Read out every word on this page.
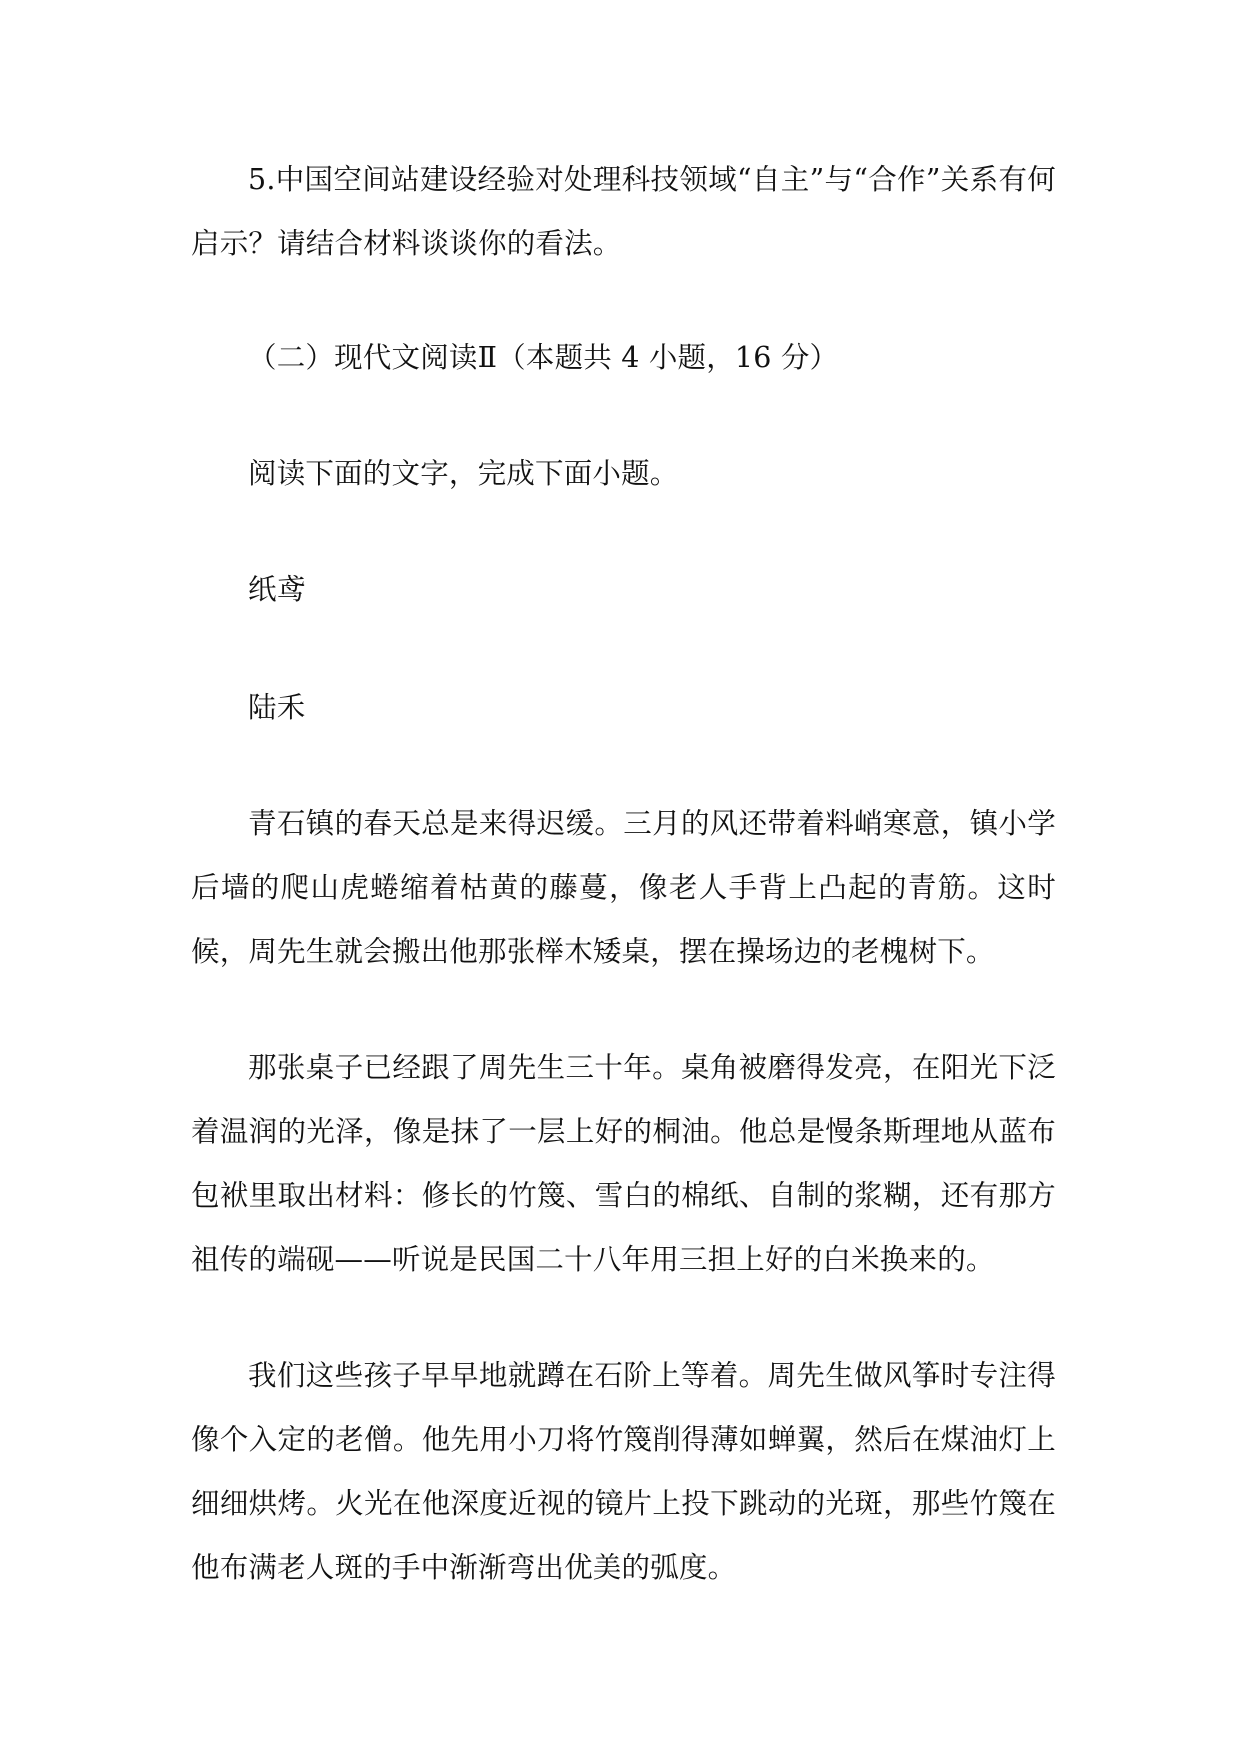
5.中国空间站建设经验对处理科技领域“自主”与“合作”关系有何启示？请结合材料谈谈你的看法。

（二）现代文阅读Ⅱ（本题共 4 小题，16 分）

阅读下面的文字，完成下面小题。

纸鸢

陆禾

青石镇的春天总是来得迟缓。三月的风还带着料峭寒意，镇小学后墙的爬山虎蜷缩着枯黄的藤蔓，像老人手背上凸起的青筋。这时候，周先生就会搬出他那张榉木矮桌，摆在操场边的老槐树下。

那张桌子已经跟了周先生三十年。桌角被磨得发亮，在阳光下泛着温润的光泽，像是抹了一层上好的桐油。他总是慢条斯理地从蓝布包袱里取出材料：修长的竹篾、雪白的棉纸、自制的浆糊，还有那方祖传的端砚——听说是民国二十八年用三担上好的白米换来的。

我们这些孩子早早地就蹲在石阶上等着。周先生做风筝时专注得像个入定的老僧。他先用小刀将竹篾削得薄如蝉翼，然后在煤油灯上细细烘烤。火光在他深度近视的镜片上投下跳动的光斑，那些竹篾在他布满老人斑的手中渐渐弯出优美的弧度。
